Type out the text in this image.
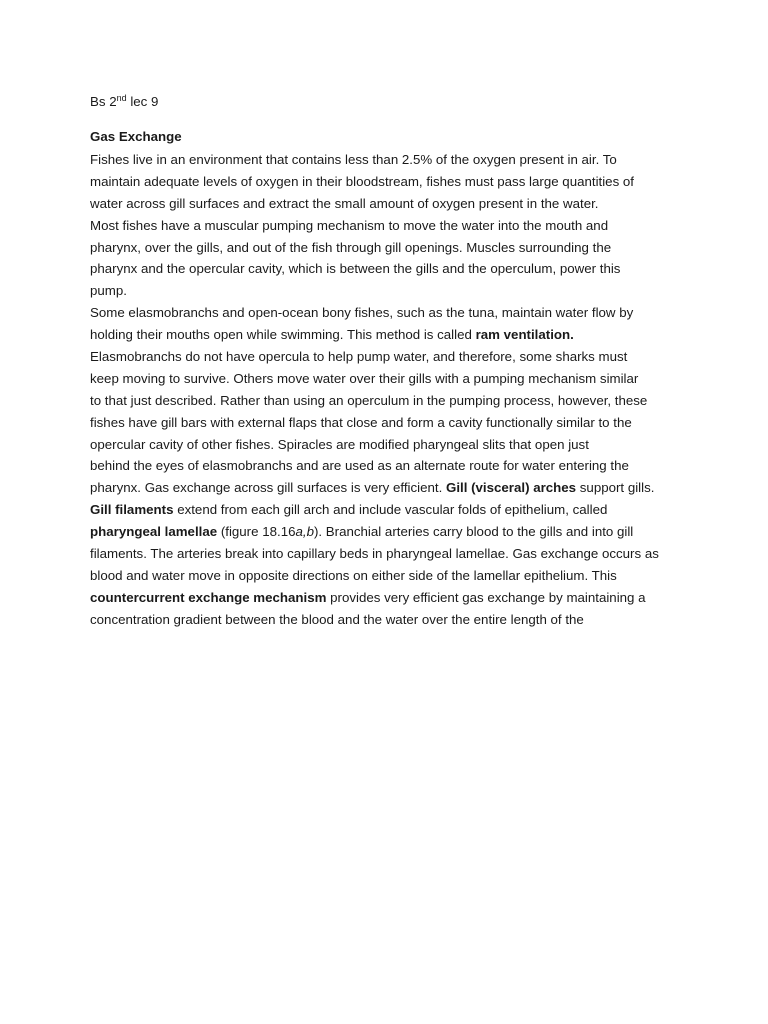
Bs 2nd lec 9
Gas Exchange
Fishes live in an environment that contains less than 2.5% of the oxygen present in air. To
maintain adequate levels of oxygen in their bloodstream, fishes must pass large quantities of
water across gill surfaces and extract the small amount of oxygen present in the water.
Most fishes have a muscular pumping mechanism to move the water into the mouth and
pharynx, over the gills, and out of the fish through gill openings. Muscles surrounding the
pharynx and the opercular cavity, which is between the gills and the operculum, power this
pump.
Some elasmobranchs and open-ocean bony fishes, such as the tuna, maintain water flow by
holding their mouths open while swimming. This method is called ram ventilation.
Elasmobranchs do not have opercula to help pump water, and therefore, some sharks must
keep moving to survive. Others move water over their gills with a pumping mechanism similar
to that just described. Rather than using an operculum in the pumping process, however, these
fishes have gill bars with external flaps that close and form a cavity functionally similar to the
opercular cavity of other fishes. Spiracles are modified pharyngeal slits that open just
behind the eyes of elasmobranchs and are used as an alternate route for water entering the
pharynx. Gas exchange across gill surfaces is very efficient. Gill (visceral) arches support gills.
Gill filaments extend from each gill arch and include vascular folds of epithelium, called
pharyngeal lamellae (figure 18.16a,b). Branchial arteries carry blood to the gills and into gill
filaments. The arteries break into capillary beds in pharyngeal lamellae. Gas exchange occurs as
blood and water move in opposite directions on either side of the lamellar epithelium. This
countercurrent exchange mechanism provides very efficient gas exchange by maintaining a
concentration gradient between the blood and the water over the entire length of the
